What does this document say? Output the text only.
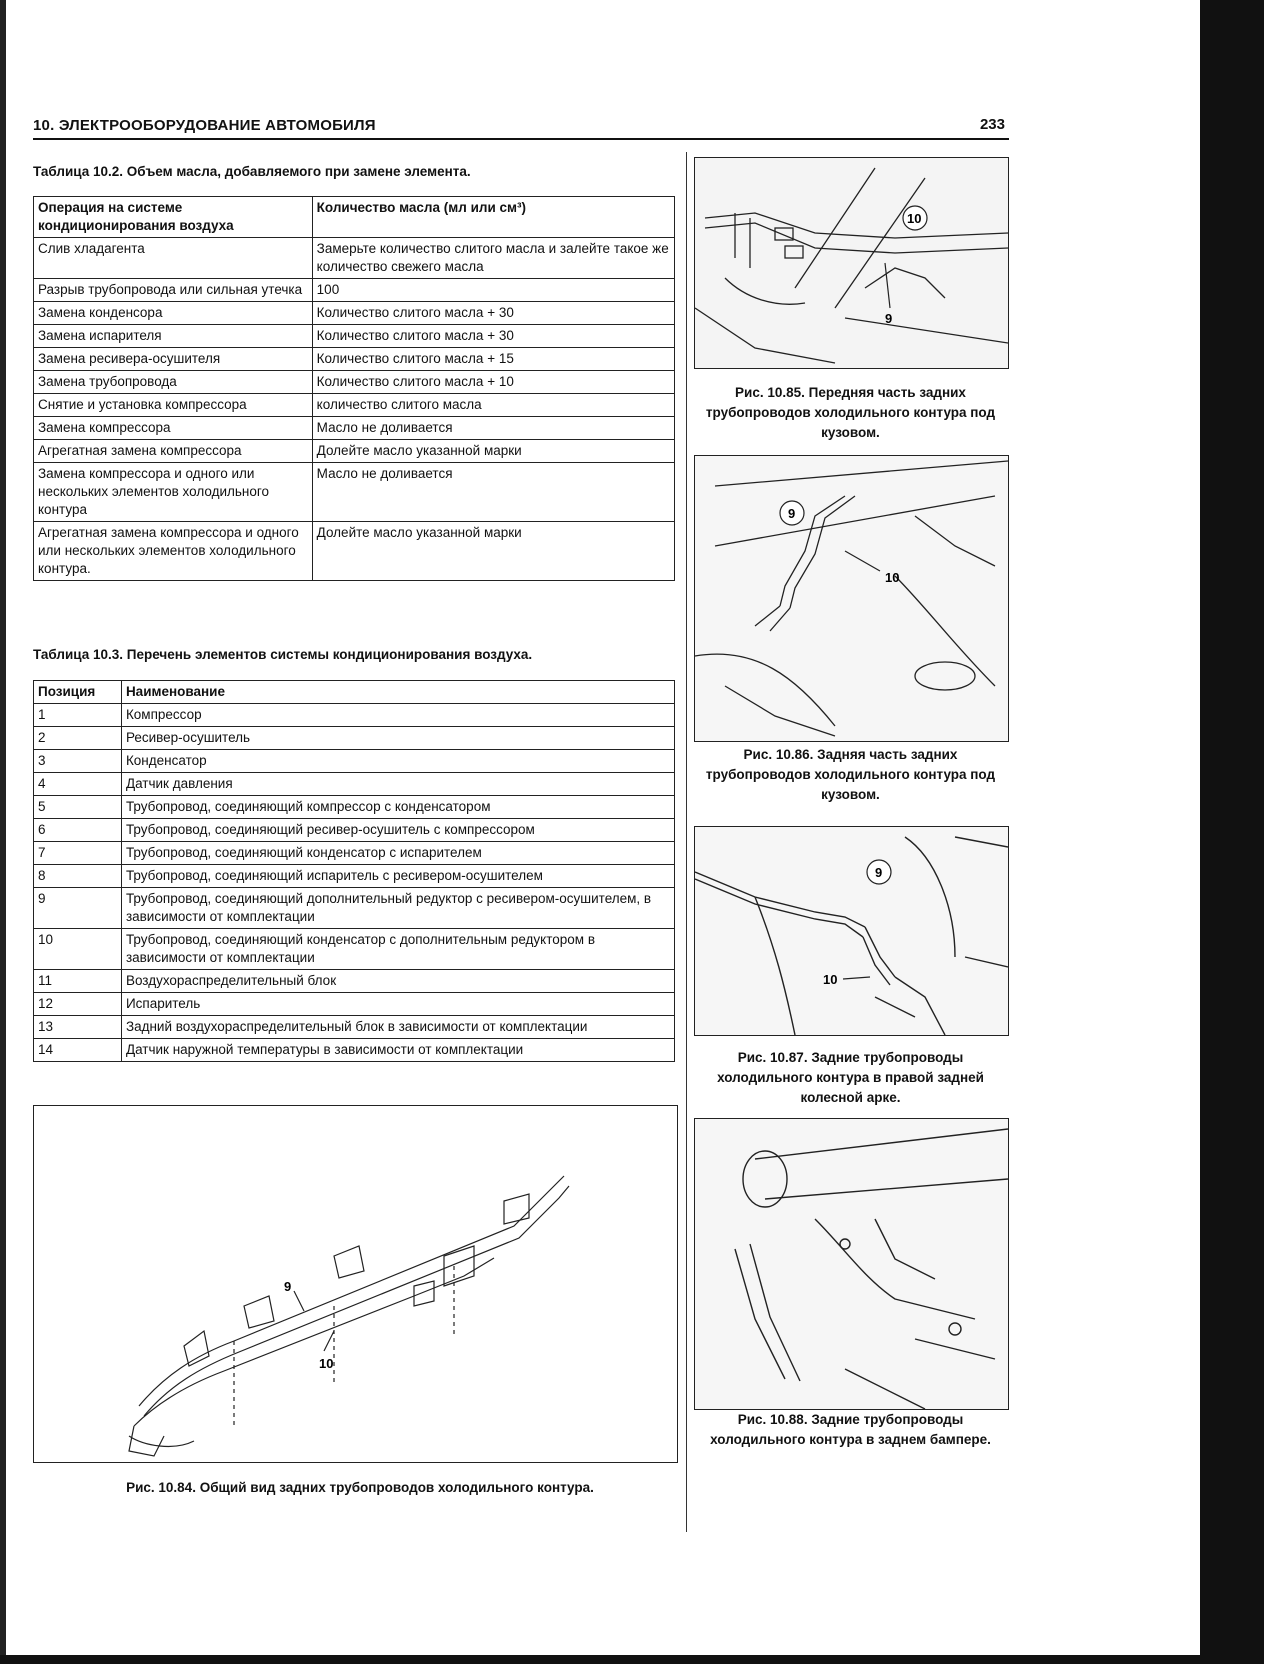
10. ЭЛЕКТРООБОРУДОВАНИЕ АВТОМОБИЛЯ	233
Таблица 10.2. Объем масла, добавляемого при замене элемента.
Операция на системе кондиционирования воздуха	Количество масла (мл или см³)
Слив хладагента	Замерьте количество слитого масла и залейте такое же количество свежего масла
Разрыв трубопровода или сильная утечка	100
Замена конденсора	Количество слитого масла + 30
Замена испарителя	Количество слитого масла + 30
Замена ресивера-осушителя	Количество слитого масла + 15
Замена трубопровода	Количество слитого масла + 10
Снятие и установка компрессора	количество слитого масла
Замена компрессора	Масло не доливается
Агрегатная замена компрессора	Долейте масло указанной марки
Замена компрессора и одного или нескольких элементов холодильного контура	Масло не доливается
Агрегатная замена компрессора и одного или нескольких элементов холодильного контура.	Долейте масло указанной марки
Таблица 10.3. Перечень элементов системы кондиционирования воздуха.
Позиция	Наименование
1	Компрессор
2	Ресивер-осушитель
3	Конденсатор
4	Датчик давления
5	Трубопровод, соединяющий компрессор с конденсатором
6	Трубопровод, соединяющий ресивер-осушитель с компрессором
7	Трубопровод, соединяющий конденсатор с испарителем
8	Трубопровод, соединяющий испаритель с ресивером-осушителем
9	Трубопровод, соединяющий дополнительный редуктор с ресивером-осушителем, в зависимости от комплектации
10	Трубопровод, соединяющий конденсатор с дополнительным редуктором в зависимости от комплектации
11	Воздухораспределительный блок
12	Испаритель
13	Задний воздухораспределительный блок в зависимости от комплектации
14	Датчик наружной температуры в зависимости от комплектации
9
10
Рис. 10.84. Общий вид задних трубопроводов холодильного контура.
10
9
Рис. 10.85. Передняя часть задних трубопроводов холодильного контура под кузовом.
9
10
Рис. 10.86. Задняя часть задних трубопроводов холодильного контура под кузовом.
9
10
Рис. 10.87. Задние трубопроводы холодильного контура в правой задней колесной арке.
Рис. 10.88. Задние трубопроводы холодильного контура в заднем бампере.
